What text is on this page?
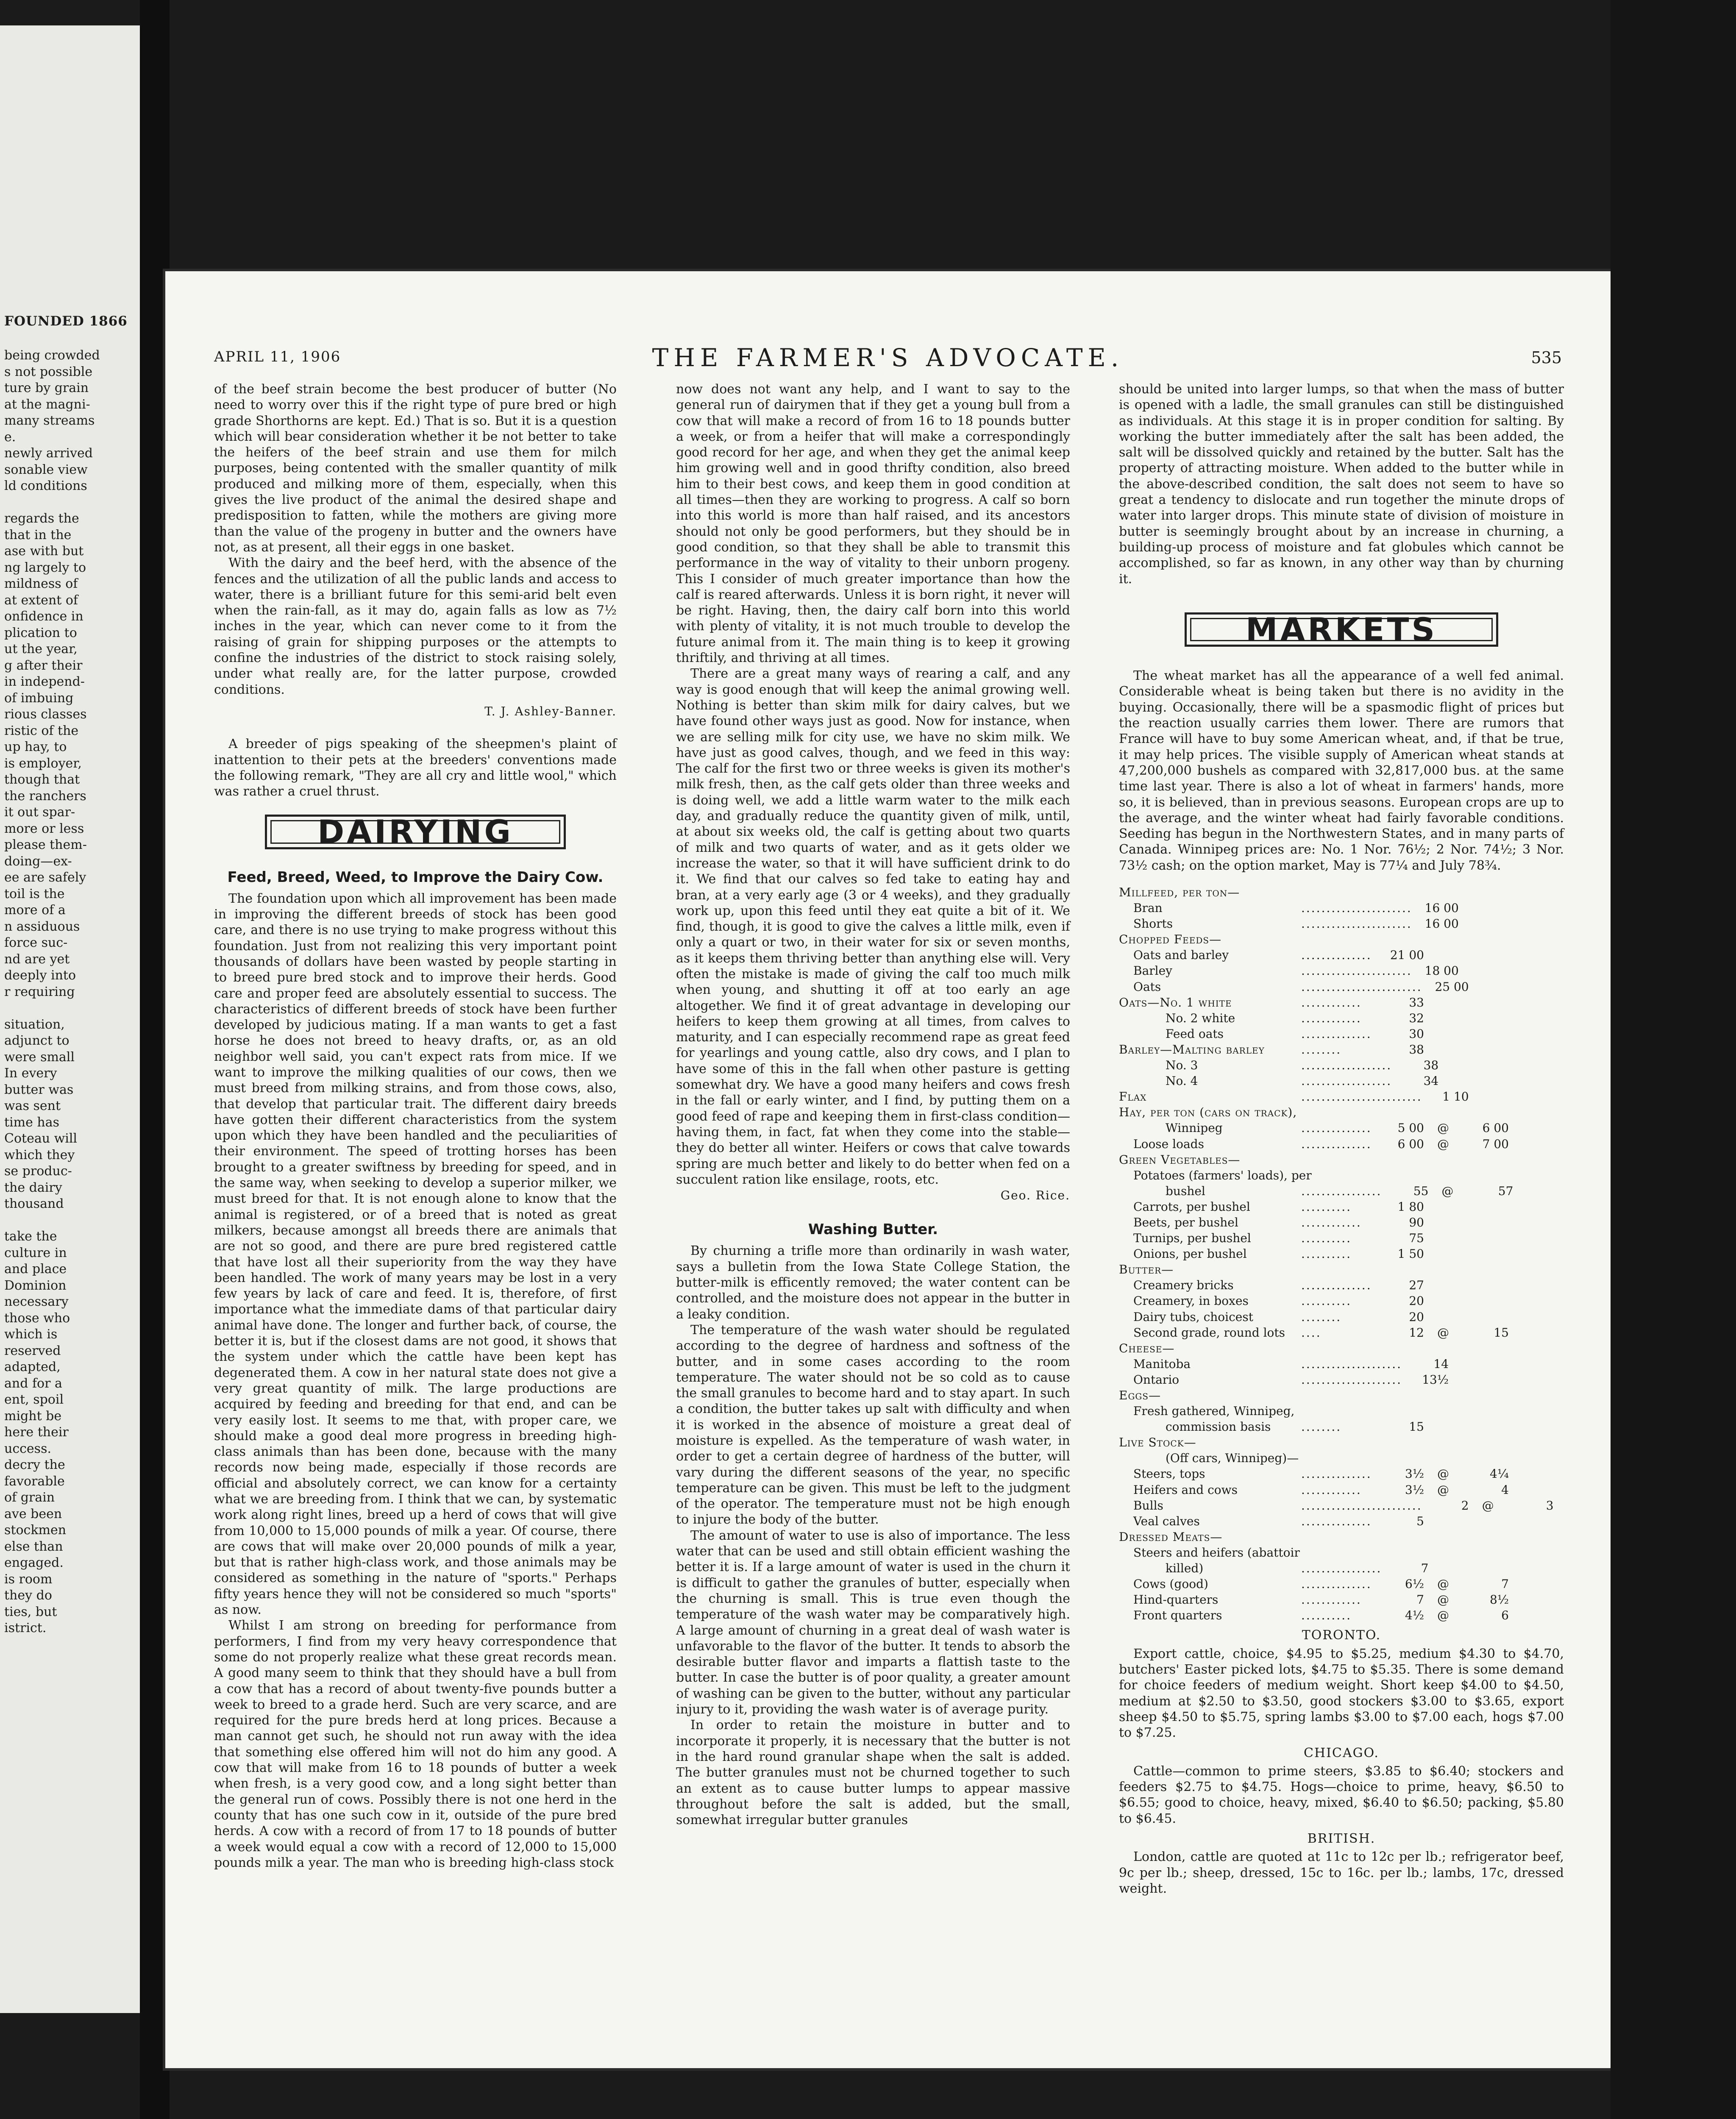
FOUNDED 1866
being crowded
s not possible
ture by grain
at the magni-
many streams
e.
newly arrived
sonable view
ld conditions

regards the
that in the
ase with but
ng largely to
mildness of
at extent of
onfidence in
plication to
ut the year,
g after their
in independ-
of imbuing
rious classes
ristic of the
up hay, to
is employer,
though that
the ranchers
it out spar-
more or less
please them-
doing—ex-
ee are safely
toil is the
more of a
n assiduous
force suc-
nd are yet
deeply into
r requiring

situation,
adjunct to
were small
In every
butter was
was sent
time has
Coteau will
which they
se produc-
the dairy
thousand

take the
culture in
and place
Dominion
necessary
those who
which is
reserved
adapted,
and for a
ent, spoil
might be
here their
uccess.
decry the
favorable
of grain
ave been
stockmen
else than
engaged.
is room
they do
ties, but
istrict.
APRIL 11, 1906	THE FARMER'S ADVOCATE.	535

of the beef strain become the best producer of butter (No need to worry over this if the right type of pure bred or high grade Shorthorns are kept. Ed.) That is so. But it is a question which will bear consideration whether it be not better to take the heifers of the beef strain and use them for milch purposes, being contented with the smaller quantity of milk produced and milking more of them, especially, when this gives the live product of the animal the desired shape and predisposition to fatten, while the mothers are giving more than the value of the progeny in butter and the owners have not, as at present, all their eggs in one basket.

With the dairy and the beef herd, with the absence of the fences and the utilization of all the public lands and access to water, there is a brilliant future for this semi-arid belt even when the rain-fall, as it may do, again falls as low as 7½ inches in the year, which can never come to it from the raising of grain for shipping purposes or the attempts to confine the industries of the district to stock raising solely, under what really are, for the latter purpose, crowded conditions.

T. J. Ashley-Banner.

A breeder of pigs speaking of the sheepmen's plaint of inattention to their pets at the breeders' conventions made the following remark, "They are all cry and little wool," which was rather a cruel thrust.

DAIRYING
Feed, Breed, Weed, to Improve the Dairy Cow.

The foundation upon which all improvement has been made in improving the different breeds of stock has been good care, and there is no use trying to make progress without this foundation. Just from not realizing this very important point thousands of dollars have been wasted by people starting in to breed pure bred stock and to improve their herds. Good care and proper feed are absolutely essential to success. The characteristics of different breeds of stock have been further developed by judicious mating. If a man wants to get a fast horse he does not breed to heavy drafts, or, as an old neighbor well said, you can't expect rats from mice. If we want to improve the milking qualities of our cows, then we must breed from milking strains, and from those cows, also, that develop that particular trait. The different dairy breeds have gotten their different characteristics from the system upon which they have been handled and the peculiarities of their environment. The speed of trotting horses has been brought to a greater swiftness by breeding for speed, and in the same way, when seeking to develop a superior milker, we must breed for that. It is not enough alone to know that the animal is registered, or of a breed that is noted as great milkers, because amongst all breeds there are animals that are not so good, and there are pure bred registered cattle that have lost all their superiority from the way they have been handled. The work of many years may be lost in a very few years by lack of care and feed. It is, therefore, of first importance what the immediate dams of that particular dairy animal have done. The longer and further back, of course, the better it is, but if the closest dams are not good, it shows that the system under which the cattle have been kept has degenerated them. A cow in her natural state does not give a very great quantity of milk. The large productions are acquired by feeding and breeding for that end, and can be very easily lost. It seems to me that, with proper care, we should make a good deal more progress in breeding high-class animals than has been done, because with the many records now being made, especially if those records are official and absolutely correct, we can know for a certainty what we are breeding from. I think that we can, by systematic work along right lines, breed up a herd of cows that will give from 10,000 to 15,000 pounds of milk a year. Of course, there are cows that will make over 20,000 pounds of milk a year, but that is rather high-class work, and those animals may be considered as something in the nature of "sports." Perhaps fifty years hence they will not be considered so much "sports" as now.

Whilst I am strong on breeding for performance from performers, I find from my very heavy correspondence that some do not properly realize what these great records mean. A good many seem to think that they should have a bull from a cow that has a record of about twenty-five pounds butter a week to breed to a grade herd. Such are very scarce, and are required for the pure breds herd at long prices. Because a man cannot get such, he should not run away with the idea that something else offered him will not do him any good. A cow that will make from 16 to 18 pounds of butter a week when fresh, is a very good cow, and a long sight better than the general run of cows. Possibly there is not one herd in the county that has one such cow in it, outside of the pure bred herds. A cow with a record of from 17 to 18 pounds of butter a week would equal a cow with a record of 12,000 to 15,000 pounds milk a year. The man who is breeding high-class stock

now does not want any help, and I want to say to the general run of dairymen that if they get a young bull from a cow that will make a record of from 16 to 18 pounds butter a week, or from a heifer that will make a correspondingly good record for her age, and when they get the animal keep him growing well and in good thrifty condition, also breed him to their best cows, and keep them in good condition at all times—then they are working to progress. A calf so born into this world is more than half raised, and its ancestors should not only be good performers, but they should be in good condition, so that they shall be able to transmit this performance in the way of vitality to their unborn progeny. This I consider of much greater importance than how the calf is reared afterwards. Unless it is born right, it never will be right. Having, then, the dairy calf born into this world with plenty of vitality, it is not much trouble to develop the future animal from it. The main thing is to keep it growing thriftily, and thriving at all times.

There are a great many ways of rearing a calf, and any way is good enough that will keep the animal growing well. Nothing is better than skim milk for dairy calves, but we have found other ways just as good. Now for instance, when we are selling milk for city use, we have no skim milk. We have just as good calves, though, and we feed in this way: The calf for the first two or three weeks is given its mother's milk fresh, then, as the calf gets older than three weeks and is doing well, we add a little warm water to the milk each day, and gradually reduce the quantity given of milk, until, at about six weeks old, the calf is getting about two quarts of milk and two quarts of water, and as it gets older we increase the water, so that it will have sufficient drink to do it. We find that our calves so fed take to eating hay and bran, at a very early age (3 or 4 weeks), and they gradually work up, upon this feed until they eat quite a bit of it. We find, though, it is good to give the calves a little milk, even if only a quart or two, in their water for six or seven months, as it keeps them thriving better than anything else will. Very often the mistake is made of giving the calf too much milk when young, and shutting it off at too early an age altogether. We find it of great advantage in developing our heifers to keep them growing at all times, from calves to maturity, and I can especially recommend rape as great feed for yearlings and young cattle, also dry cows, and I plan to have some of this in the fall when other pasture is getting somewhat dry. We have a good many heifers and cows fresh in the fall or early winter, and I find, by putting them on a good feed of rape and keeping them in first-class condition—having them, in fact, fat when they come into the stable—they do better all winter. Heifers or cows that calve towards spring are much better and likely to do better when fed on a succulent ration like ensilage, roots, etc.

Geo. Rice.
Washing Butter.

By churning a trifle more than ordinarily in wash water, says a bulletin from the Iowa State College Station, the butter-milk is efficently removed; the water content can be controlled, and the moisture does not appear in the butter in a leaky condition.

The temperature of the wash water should be regulated according to the degree of hardness and softness of the butter, and in some cases according to the room temperature. The water should not be so cold as to cause the small granules to become hard and to stay apart. In such a condition, the butter takes up salt with difficulty and when it is worked in the absence of moisture a great deal of moisture is expelled. As the temperature of wash water, in order to get a certain degree of hardness of the butter, will vary during the different seasons of the year, no specific temperature can be given. This must be left to the judgment of the operator. The temperature must not be high enough to injure the body of the butter.

The amount of water to use is also of importance. The less water that can be used and still obtain efficient washing the better it is. If a large amount of water is used in the churn it is difficult to gather the granules of butter, especially when the churning is small. This is true even though the temperature of the wash water may be comparatively high. A large amount of churning in a great deal of wash water is unfavorable to the flavor of the butter. It tends to absorb the desirable butter flavor and imparts a flattish taste to the butter. In case the butter is of poor quality, a greater amount of washing can be given to the butter, without any particular injury to it, providing the wash water is of average purity.

In order to retain the moisture in butter and to incorporate it properly, it is necessary that the butter is not in the hard round granular shape when the salt is added. The butter granules must not be churned together to such an extent as to cause butter lumps to appear massive throughout before the salt is added, but the small, somewhat irregular butter granules

should be united into larger lumps, so that when the mass of butter is opened with a ladle, the small granules can still be distinguished as individuals. At this stage it is in proper condition for salting. By working the butter immediately after the salt has been added, the salt will be dissolved quickly and retained by the butter. Salt has the property of attracting moisture. When added to the butter while in the above-described condition, the salt does not seem to have so great a tendency to dislocate and run together the minute drops of water into larger drops. This minute state of division of moisture in butter is seemingly brought about by an increase in churning, a building-up process of moisture and fat globules which cannot be accomplished, so far as known, in any other way than by churning it.

MARKETS

The wheat market has all the appearance of a well fed animal. Considerable wheat is being taken but there is no avidity in the buying. Occasionally, there will be a spasmodic flight of prices but the reaction usually carries them lower. There are rumors that France will have to buy some American wheat, and, if that be true, it may help prices. The visible supply of American wheat stands at 47,200,000 bushels as compared with 32,817,000 bus. at the same time last year. There is also a lot of wheat in farmers' hands, more so, it is believed, than in previous seasons. European crops are up to the average, and the winter wheat had fairly favorable conditions. Seeding has begun in the Northwestern States, and in many parts of Canada. Winnipeg prices are: No. 1 Nor. 76½; 2 Nor. 74½; 3 Nor. 73½ cash; on the option market, May is 77¼ and July 78¾.

Millfeed, per ton—
Bran	......................	16 00
Shorts	......................	16 00
Chopped Feeds—
Oats and barley	..............	21 00
Barley	......................	18 00
Oats	........................	25 00
Oats—No. 1 white	............	33
No. 2 white	............	32
Feed oats	..............	30
Barley—Malting barley	........	38
No. 3	..................	38
No. 4	..................	34
Flax	........................	1 10
Hay, per ton (cars on track),
Winnipeg	..............	5 00	@	6 00
Loose loads	..............	6 00	@	7 00
Green Vegetables—
Potatoes (farmers' loads), per
bushel	................	55	@	57
Carrots, per bushel	..........	1 80
Beets, per bushel	............	90
Turnips, per bushel	..........	75
Onions, per bushel	..........	1 50
Butter—
Creamery bricks	..............	27
Creamery, in boxes	..........	20
Dairy tubs, choicest	........	20
Second grade, round lots	....	12	@	15
Cheese—
Manitoba	....................	14
Ontario	....................	13½
Eggs—
Fresh gathered, Winnipeg,
commission basis	........	15
Live Stock—
(Off cars, Winnipeg)—
Steers, tops	..............	3½	@	4¼
Heifers and cows	............	3½	@	4
Bulls	........................	2	@	3
Veal calves	..............	5
Dressed Meats—
Steers and heifers (abattoir
killed)	................	7
Cows (good)	..............	6½	@	7
Hind-quarters	............	7	@	8½
Front quarters	..........	4½	@	6
TORONTO.

Export cattle, choice, $4.95 to $5.25, medium $4.30 to $4.70, butchers' Easter picked lots, $4.75 to $5.35. There is some demand for choice feeders of medium weight. Short keep $4.00 to $4.50, medium at $2.50 to $3.50, good stockers $3.00 to $3.65, export sheep $4.50 to $5.75, spring lambs $3.00 to $7.00 each, hogs $7.00 to $7.25.

CHICAGO.

Cattle—common to prime steers, $3.85 to $6.40; stockers and feeders $2.75 to $4.75. Hogs—choice to prime, heavy, $6.50 to $6.55; good to choice, heavy, mixed, $6.40 to $6.50; packing, $5.80 to $6.45.

BRITISH.

London, cattle are quoted at 11c to 12c per lb.; refrigerator beef, 9c per lb.; sheep, dressed, 15c to 16c. per lb.; lambs, 17c, dressed weight.
